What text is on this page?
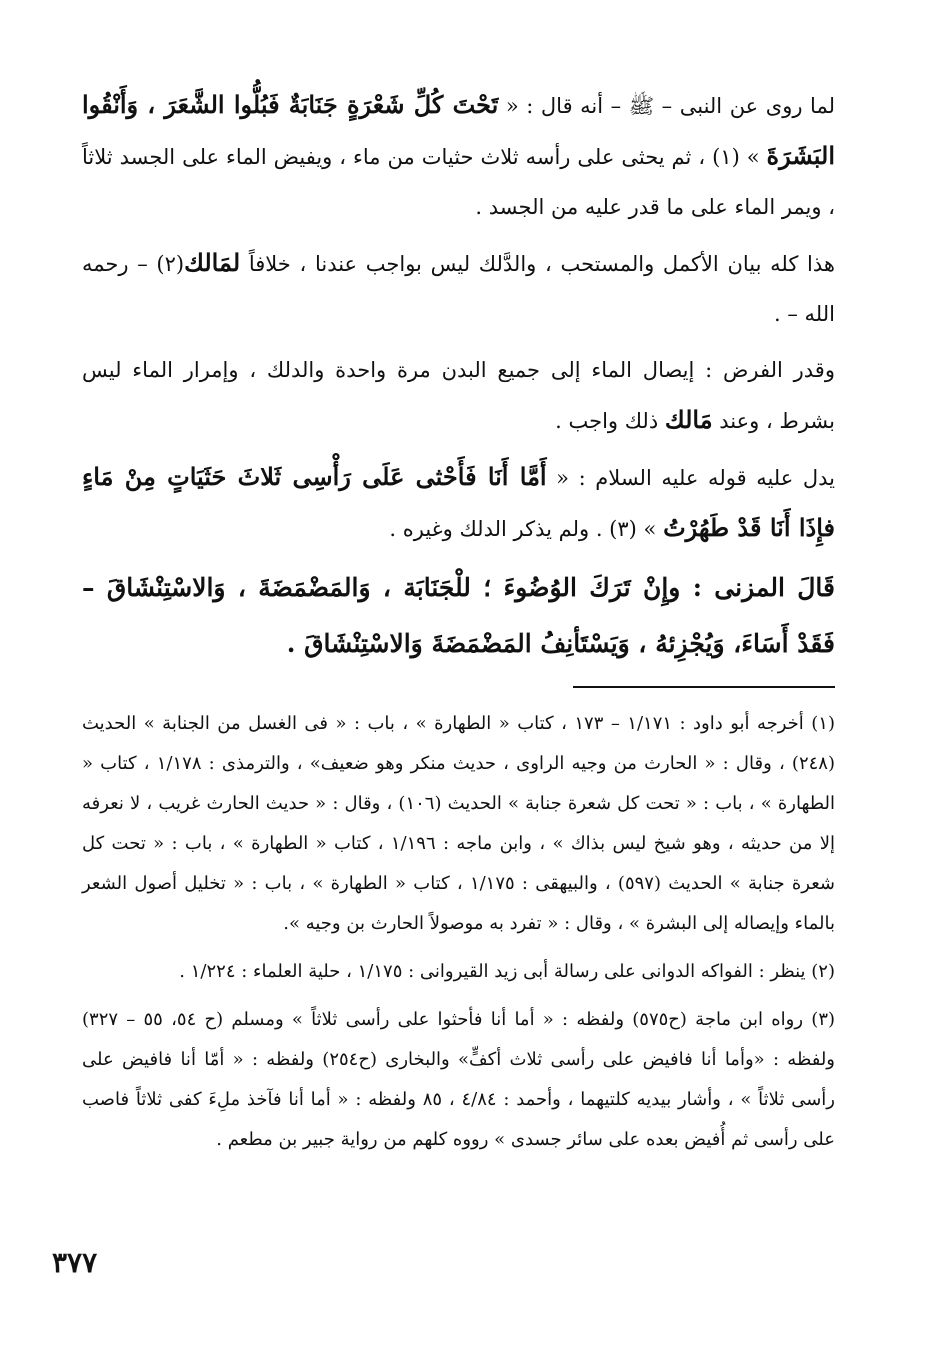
لما روى عن النبى – ﷺ – أنه قال : « تَحْتَ كُلِّ شَعْرَةٍ جَنَابَةٌ فَبُلُّوا الشَّعَرَ ، وَأَنْقُوا البَشَرَةَ » (١) ، ثم يحثى على رأسه ثلاث حثيات من ماء ، ويفيض الماء على الجسد ثلاثاً ، ويمر الماء على ما قدر عليه من الجسد .

هذا كله بيان الأكمل والمستحب ، والدَّلك ليس بواجب عندنا ، خلافاً لمَالك(٢) – رحمه الله – .

وقدر الفرض : إيصال الماء إلى جميع البدن مرة واحدة والدلك ، وإمرار الماء ليس بشرط ، وعند مَالك ذلك واجب .

يدل عليه قوله عليه السلام : « أَمَّا أَنَا فَأَحْثى عَلَى رَأْسِى ثَلاثَ حَثَيَاتٍ مِنْ مَاءٍ فإِذَا أَنَا قَدْ طَهُرْتُ » (٣) . ولم يذكر الدلك وغيره .

قَالَ المزنى : وإِنْ تَرَكَ الوُضُوءَ ؛ للْجَنَابَة ، وَالمَضْمَضَةَ ، وَالاسْتِنْشَاقَ – فَقَدْ أَسَاءَ، وَيُجْزِئهُ ، وَيَسْتَأنِفُ المَضْمَضَةَ وَالاسْتِنْشَاقَ .

(١) أخرجه أبو داود : ١/١٧١ – ١٧٣ ، كتاب « الطهارة » ، باب : « فى الغسل من الجنابة » الحديث (٢٤٨) ، وقال : « الحارث من وجيه الراوى ، حديث منكر وهو ضعيف» ، والترمذى : ١/١٧٨ ، كتاب « الطهارة » ، باب : « تحت كل شعرة جنابة » الحديث (١٠٦) ، وقال : « حديث الحارث غريب ، لا نعرفه إلا من حديثه ، وهو شيخ ليس بذاك » ، وابن ماجه : ١/١٩٦ ، كتاب « الطهارة » ، باب : « تحت كل شعرة جنابة » الحديث (٥٩٧) ، والبيهقى : ١/١٧٥ ، كتاب « الطهارة » ، باب : « تخليل أصول الشعر بالماء وإيصاله إلى البشرة » ، وقال : « تفرد به موصولاً الحارث بن وجيه ».

(٢) ينظر : الفواكه الدوانى على رسالة أبى زيد القيروانى : ١/١٧٥ ، حلية العلماء : ١/٢٢٤ .

(٣) رواه ابن ماجة (ح٥٧٥) ولفظه : « أما أنا فأحثوا على رأسى ثلاثاً » ومسلم (ح ٥٤، ٥٥ – ٣٢٧) ولفظه : «وأما أنا فافيض على رأسى ثلاث أكفٍّ» والبخارى (ح٢٥٤) ولفظه : « أمّا أنا فافيض على رأسى ثلاثاً » ، وأشار بيديه كلتيهما ، وأحمد : ٤/٨٤ ، ٨٥ ولفظه : « أما أنا فآخذ ملِءَ كفى ثلاثاً فاصب على رأسى ثم أُفيض بعده على سائر جسدى » رووه كلهم من رواية جبير بن مطعم .

٣٧٧
